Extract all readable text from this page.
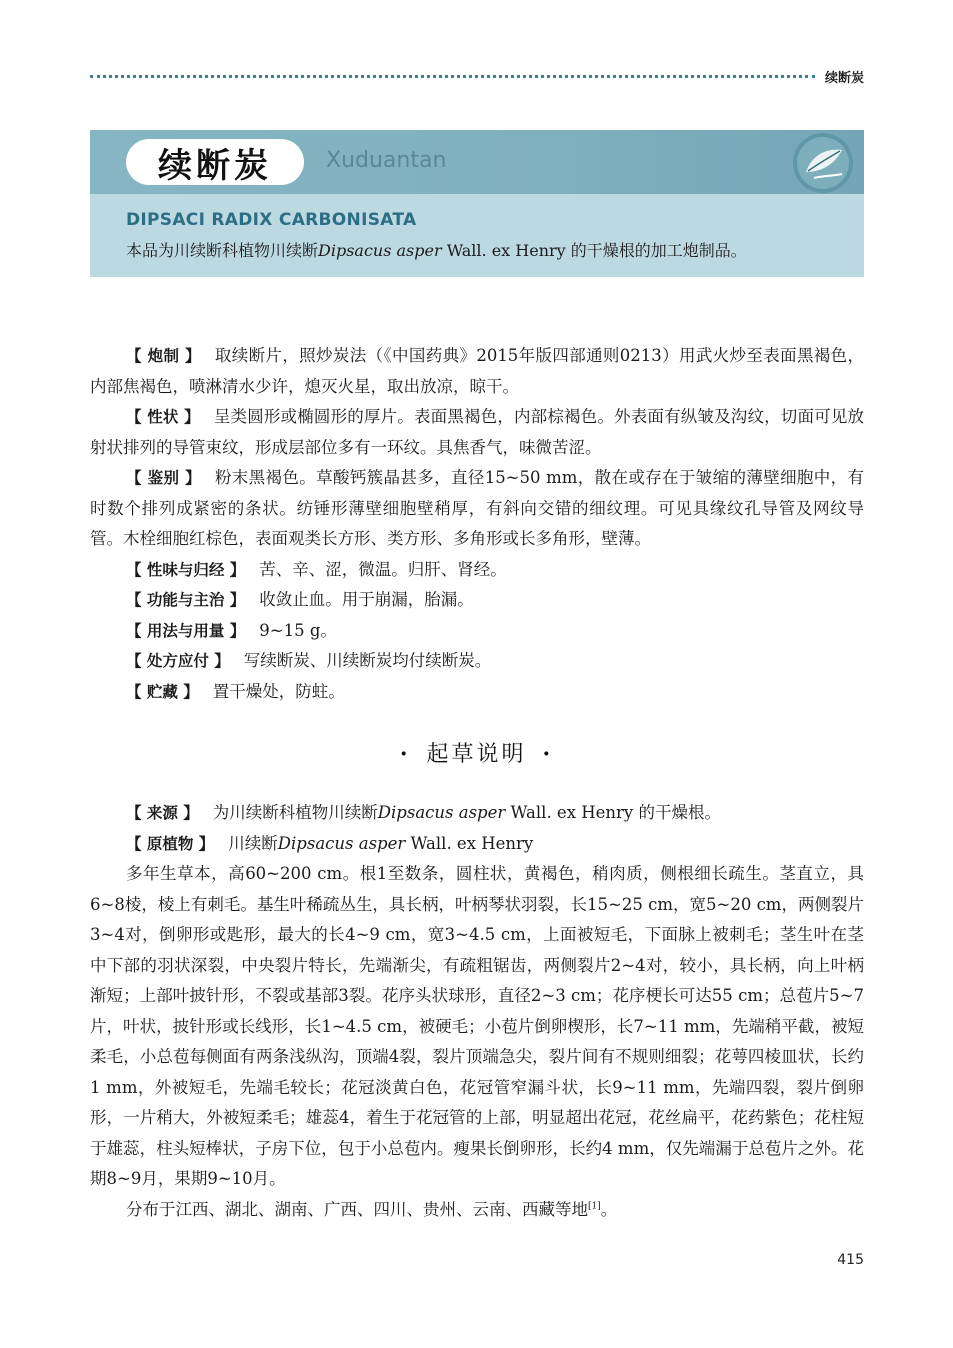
续断炭
续断炭 Xuduantan
DIPSACI RADIX CARBONISATA
本品为川续断科植物川续断Dipsacus asper Wall. ex Henry 的干燥根的加工炮制品。

【 炮制 】 取续断片，照炒炭法（《中国药典》2015年版四部通则0213）用武火炒至表面黑褐色，内部焦褐色，喷淋清水少许，熄灭火星，取出放凉，晾干。

【 性状 】 呈类圆形或椭圆形的厚片。表面黑褐色，内部棕褐色。外表面有纵皱及沟纹，切面可见放射状排列的导管束纹，形成层部位多有一环纹。具焦香气，味微苦涩。

【 鉴别 】 粉末黑褐色。草酸钙簇晶甚多，直径15~50 mm，散在或存在于皱缩的薄壁细胞中，有时数个排列成紧密的条状。纺锤形薄壁细胞壁稍厚，有斜向交错的细纹理。可见具缘纹孔导管及网纹导管。木栓细胞红棕色，表面观类长方形、类方形、多角形或长多角形，壁薄。

【 性味与归经 】 苦、辛、涩，微温。归肝、肾经。

【 功能与主治 】 收敛止血。用于崩漏，胎漏。

【 用法与用量 】 9~15 g。

【 处方应付 】 写续断炭、川续断炭均付续断炭。

【 贮藏 】 置干燥处，防蛀。

· 起草说明 ·

【 来源 】 为川续断科植物川续断Dipsacus asper Wall. ex Henry 的干燥根。

【 原植物 】 川续断Dipsacus asper Wall. ex Henry

多年生草本，高60~200 cm。根1至数条，圆柱状，黄褐色，稍肉质，侧根细长疏生。茎直立，具6~8棱，棱上有刺毛。基生叶稀疏丛生，具长柄，叶柄琴状羽裂，长15~25 cm，宽5~20 cm，两侧裂片3~4对，倒卵形或匙形，最大的长4~9 cm，宽3~4.5 cm，上面被短毛，下面脉上被刺毛；茎生叶在茎中下部的羽状深裂，中央裂片特长，先端渐尖，有疏粗锯齿，两侧裂片2~4对，较小，具长柄，向上叶柄渐短；上部叶披针形，不裂或基部3裂。花序头状球形，直径2~3 cm；花序梗长可达55 cm；总苞片5~7片，叶状，披针形或长线形，长1~4.5 cm，被硬毛；小苞片倒卵楔形，长7~11 mm，先端稍平截，被短柔毛，小总苞每侧面有两条浅纵沟，顶端4裂，裂片顶端急尖，裂片间有不规则细裂；花萼四棱皿状，长约1 mm，外被短毛，先端毛较长；花冠淡黄白色，花冠管窄漏斗状，长9~11 mm，先端四裂，裂片倒卵形，一片稍大，外被短柔毛；雄蕊4，着生于花冠管的上部，明显超出花冠，花丝扁平，花药紫色；花柱短于雄蕊，柱头短棒状，子房下位，包于小总苞内。瘦果长倒卵形，长约4 mm，仅先端漏于总苞片之外。花期8~9月，果期9~10月。

分布于江西、湖北、湖南、广西、四川、贵州、云南、西藏等地[1]。

415
